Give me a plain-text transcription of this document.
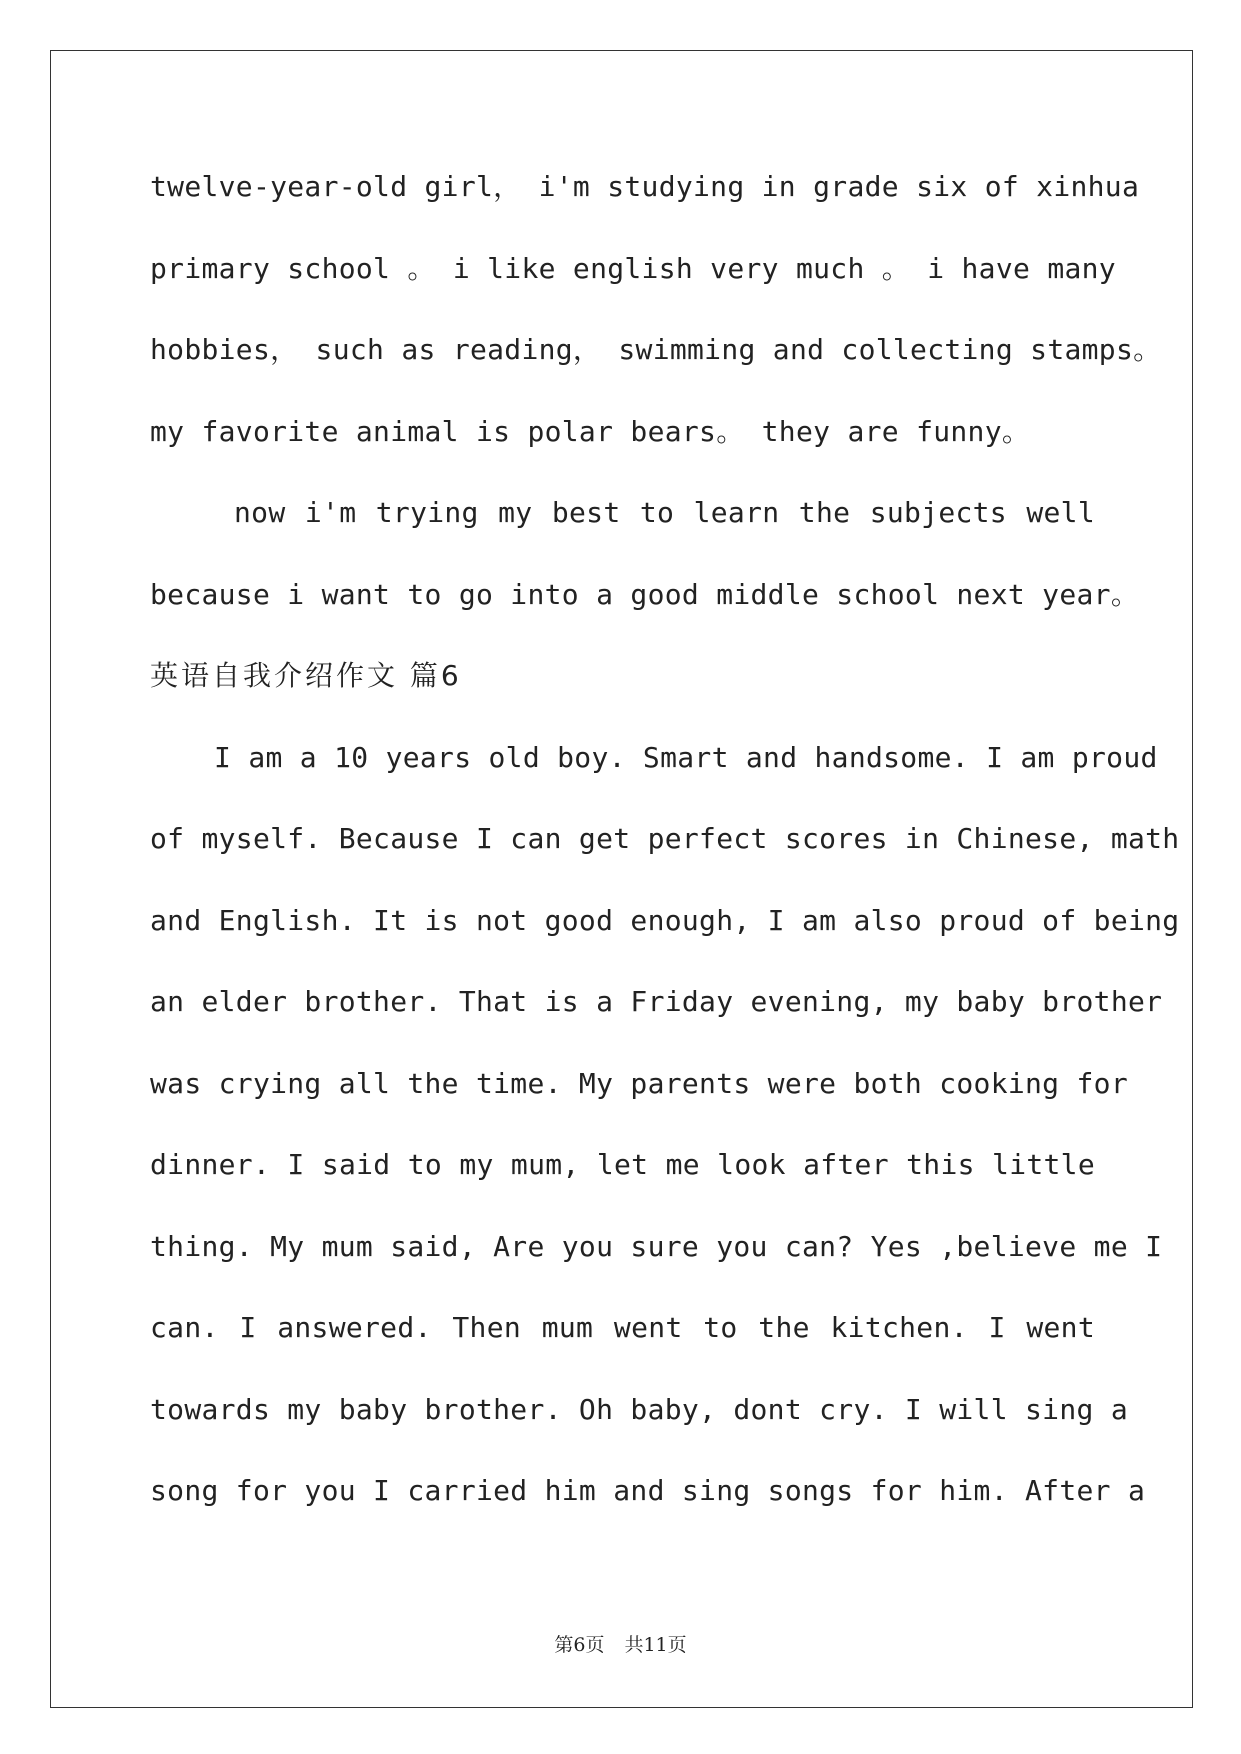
twelve-year-old girl， i'm studying in grade six of xinhua
primary school 。 i like english very much 。 i have many
hobbies， such as reading， swimming and collecting stamps。
my favorite animal is polar bears。 they are funny。
now i'm trying my best to learn the subjects well
because i want to go into a good middle school next year。
英语自我介绍作文 篇6
I am a 10 years old boy. Smart and handsome. I am proud
of myself. Because I can get perfect scores in Chinese, math
and English. It is not good enough, I am also proud of being
an elder brother. That is a Friday evening, my baby brother
was crying all the time. My parents were both cooking for
dinner. I said to my mum, let me look after this little
thing. My mum said, Are you sure you can? Yes ,believe me I
can. I answered. Then mum went to the kitchen. I went
towards my baby brother. Oh baby, dont cry. I will sing a
song for you I carried him and sing songs for him. After a
第6页 共11页
